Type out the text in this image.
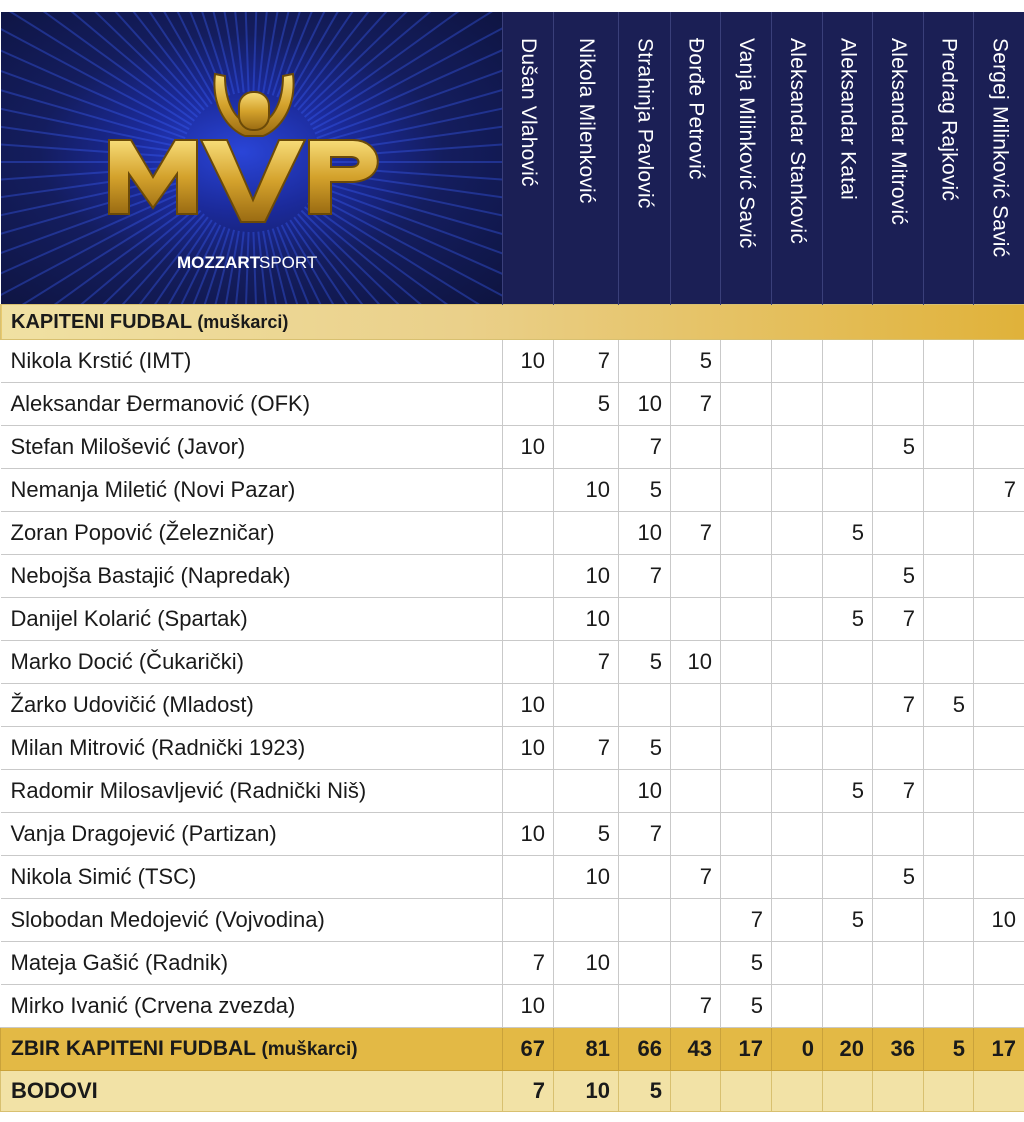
MOZZART
SPORT	Dušan Vlahović	Nikola Milenković	Strahinja Pavlović	Đorđe Petrović	Vanja Milinković Savić	Aleksandar Stanković	Aleksandar Katai	Aleksandar Mitrović	Predrag Rajković	Sergej Milinković Savić

KAPITENI FUDBAL (muškarci)										
Nikola Krstić (IMT)	10	7		5						
Aleksandar Đermanović (OFK)		5	10	7						
Stefan Milošević (Javor)	10		7					5		
Nemanja Miletić (Novi Pazar)		10	5							7
Zoran Popović (Železničar)			10	7			5			
Nebojša Bastajić (Napredak)		10	7					5		
Danijel Kolarić (Spartak)		10					5	7		
Marko Docić (Čukarički)		7	5	10						
Žarko Udovičić (Mladost)	10							7	5	
Milan Mitrović (Radnički 1923)	10	7	5							
Radomir Milosavljević (Radnički Niš)			10				5	7		
Vanja Dragojević (Partizan)	10	5	7							
Nikola Simić (TSC)		10		7				5		
Slobodan Medojević (Vojvodina)					7		5			10
Mateja Gašić (Radnik)	7	10			5					
Mirko Ivanić (Crvena zvezda)	10			7	5					
ZBIR KAPITENI FUDBAL (muškarci)	67	81	66	43	17	0	20	36	5	17
BODOVI	7	10	5							
